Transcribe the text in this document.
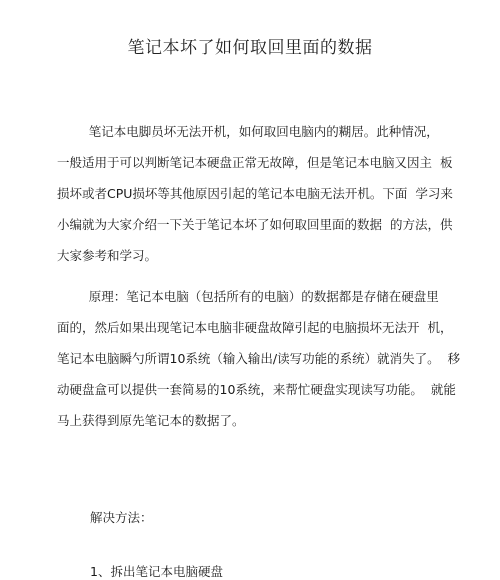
笔记本坏了如何取回里面的数据
笔记本电脚员坏无法开机，如何取回电脑内的糊居。此种情况，
一般适用于可以判断笔记本硬盘正常无故障，但是笔记本电脑又因主  板
损坏或者CPU损坏等其他原因引起的笔记本电脑无法开机。下面  学习来
小编就为大家介绍一下关于笔记本坏了如何取回里面的数据  的方法，供
大家参考和学习。
原理：笔记本电脑（包括所有的电脑）的数据都是存储在硬盘里
面的，然后如果出现笔记本电脑非硬盘故障引起的电脑损坏无法开  机，
笔记本电脑瞬勺所谓10系统（输入输出/读写功能的系统）就消失了。  移
动硬盘盒可以提供一套简易的10系统，来帮忙硬盘实现读写功能。  就能
马上获得到原先笔记本的数据了。
解决方法：
1、拆出笔记本电脑硬盘
